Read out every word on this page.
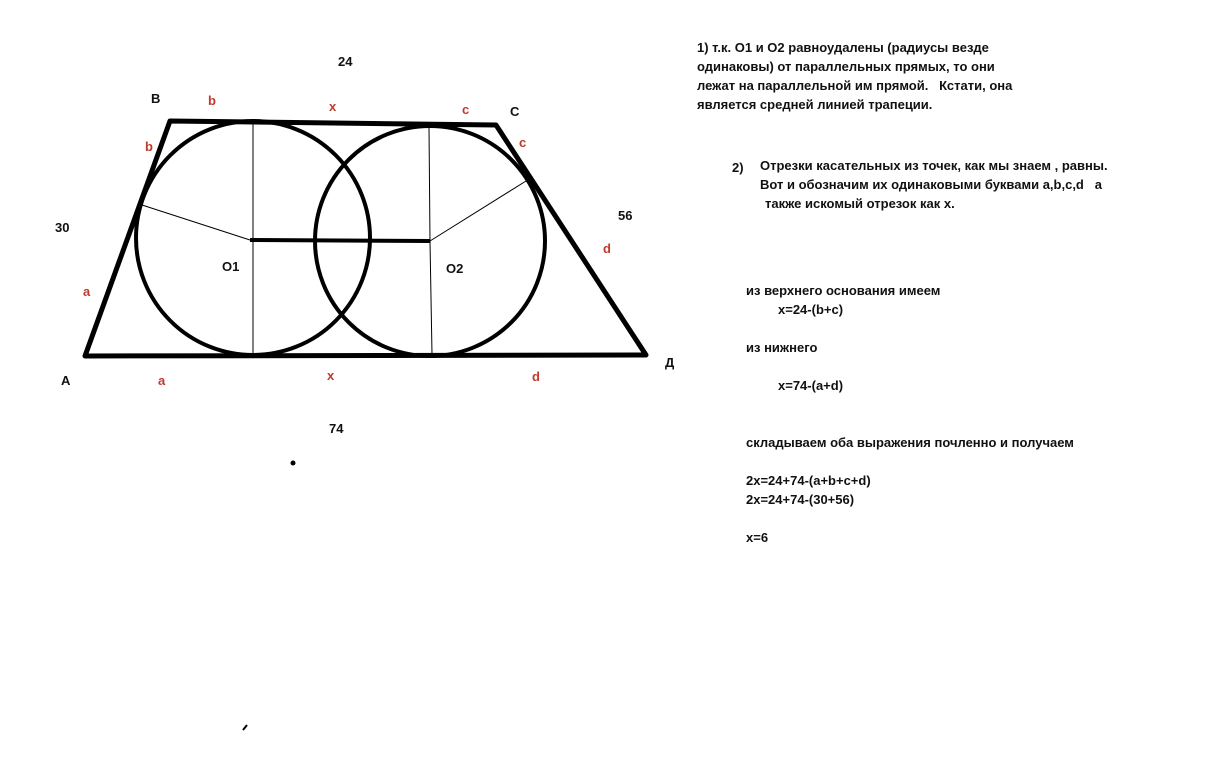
B
C
A
Д
O1	O2
24
74
30
56
b	x	c
b
a
c
d
a	x	d
1) т.к. О1 и О2 равноудалены (радиусы везде
одинаковы) от параллельных прямых, то они
лежат на параллельной им прямой.   Кстати, она
является средней линией трапеции.
2) Отрезки касательных из точек, как мы знаем , равны.
Вот и обозначим их одинаковыми буквами a,b,c,d   а
также искомый отрезок как х.
из верхнего основания имеем
х=24-(b+c)
из нижнего
х=74-(a+d)
складываем оба выражения почленно и получаем
2х=24+74-(a+b+c+d)
2х=24+74-(30+56)
х=6
